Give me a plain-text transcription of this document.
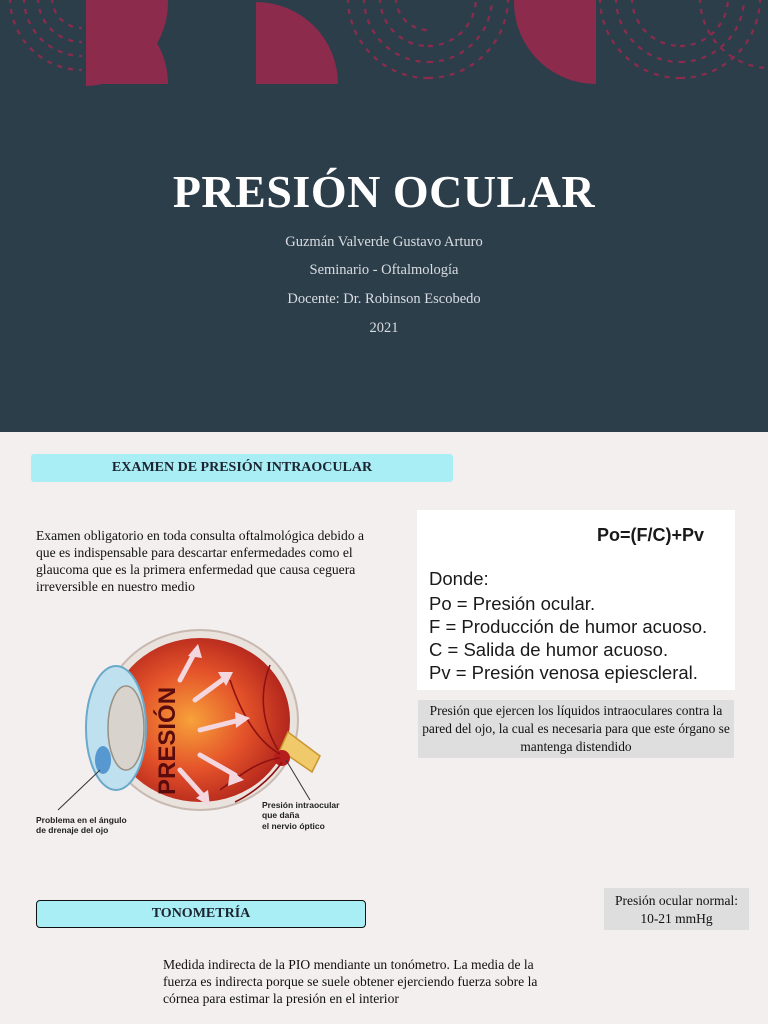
PRESIÓN OCULAR
Guzmán Valverde Gustavo Arturo
Seminario - Oftalmología
Docente: Dr. Robinson Escobedo
2021
EXAMEN DE PRESIÓN INTRAOCULAR
Examen obligatorio en toda consulta oftalmológica debido a que es indispensable para descartar enfermedades como el glaucoma que es la primera enfermedad que causa ceguera irreversible en nuestro medio
Po=(F/C)+Pv
Donde:
Po = Presión ocular.
F = Producción de humor acuoso.
C = Salida de humor acuoso.
Pv = Presión venosa epiescleral.
Presión que ejercen los líquidos intraoculares contra la pared del ojo, la cual es necesaria para que este órgano se mantenga distendido
PRESIÓN
Problema en el ángulo
de drenaje del ojo
Presión intraocular
que daña
el nervio óptico
Presión ocular normal:
10-21 mmHg
TONOMETRÍA
Medida indirecta de la PIO mendiante un tonómetro. La media de la fuerza es indirecta porque se suele obtener ejerciendo fuerza sobre la córnea para estimar la presión en el interior
